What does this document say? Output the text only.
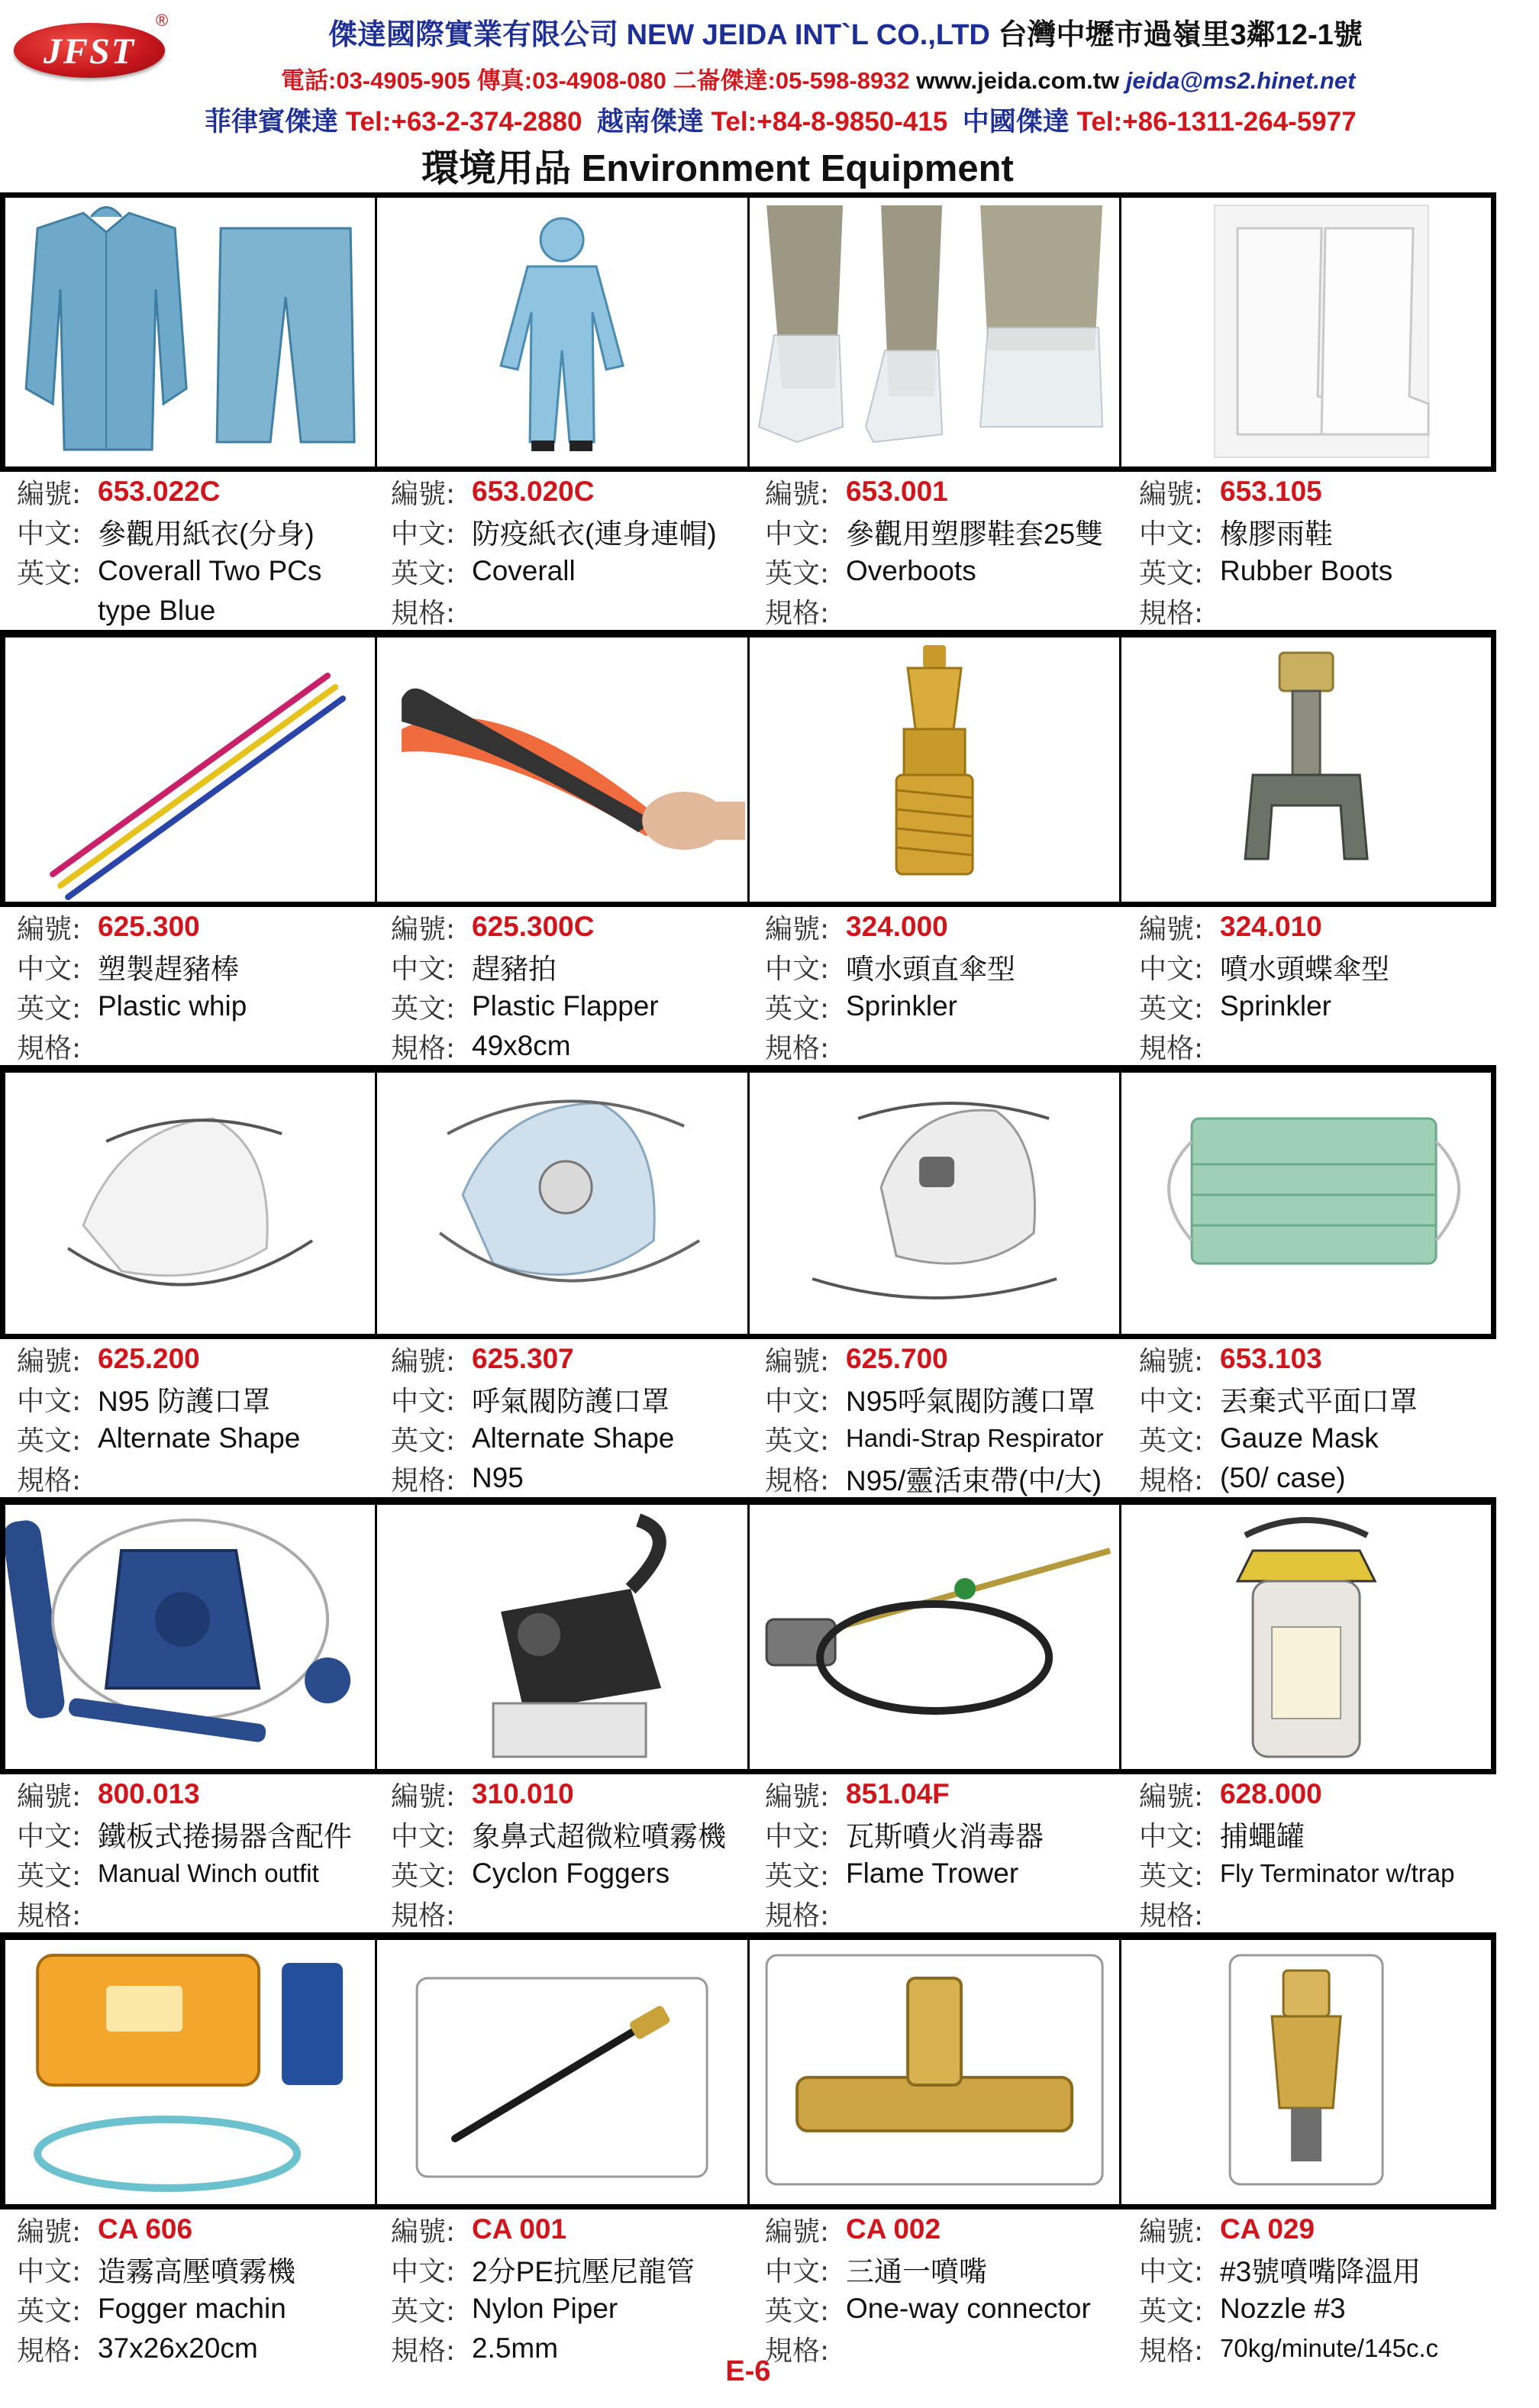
JFST
®	傑達國際實業有限公司 NEW JEIDA INT`L CO.,LTD 台灣中壢市過嶺里3鄰12-1號
電話:03-4905-905 傳真:03-4908-080 二崙傑達:05-598-8932 www.jeida.com.tw jeida@ms2.hinet.net
菲律賓傑達 Tel:+63-2-374-2880 越南傑達 Tel:+84-8-9850-415 中國傑達 Tel:+86-1311-264-5977
環境用品 Environment Equipment
編號: 653.022C
中文: 參觀用紙衣(分身)
英文: Coverall Two PCs
type Blue
編號: 653.020C
中文: 防疫紙衣(連身連帽)
英文: Coverall
規格:
編號: 653.001
中文: 參觀用塑膠鞋套25雙
英文: Overboots
規格:
編號: 653.105
中文: 橡膠雨鞋
英文: Rubber Boots
規格:
編號: 625.300
中文: 塑製趕豬棒
英文: Plastic whip
規格:
編號: 625.300C
中文: 趕豬拍
英文: Plastic Flapper
規格: 49x8cm
編號: 324.000
中文: 噴水頭直傘型
英文: Sprinkler
規格:
編號: 324.010
中文: 噴水頭蝶傘型
英文: Sprinkler
規格:
編號: 625.200
中文: N95 防護口罩
英文: Alternate Shape
規格:
編號: 625.307
中文: 呼氣閥防護口罩
英文: Alternate Shape
規格: N95
編號: 625.700
中文: N95呼氣閥防護口罩
英文: Handi-Strap Respirator
規格: N95/靈活束帶(中/大)
編號: 653.103
中文: 丟棄式平面口罩
英文: Gauze Mask
規格: (50/ case)
編號: 800.013
中文: 鐵板式捲揚器含配件
英文: Manual Winch outfit
規格:
編號: 310.010
中文: 象鼻式超微粒噴霧機
英文: Cyclon Foggers
規格:
編號: 851.04F
中文: 瓦斯噴火消毒器
英文: Flame Trower
規格:
編號: 628.000
中文: 捕蠅罐
英文: Fly Terminator w/trap
規格:
編號: CA 606
中文: 造霧高壓噴霧機
英文: Fogger machin
規格: 37x26x20cm
編號: CA 001
中文: 2分PE抗壓尼龍管
英文: Nylon Piper
規格: 2.5mm
編號: CA 002
中文: 三通一噴嘴
英文: One-way connector
規格:
編號: CA 029
中文: #3號噴嘴降溫用
英文: Nozzle #3
規格: 70kg/minute/145c.c
E-6
